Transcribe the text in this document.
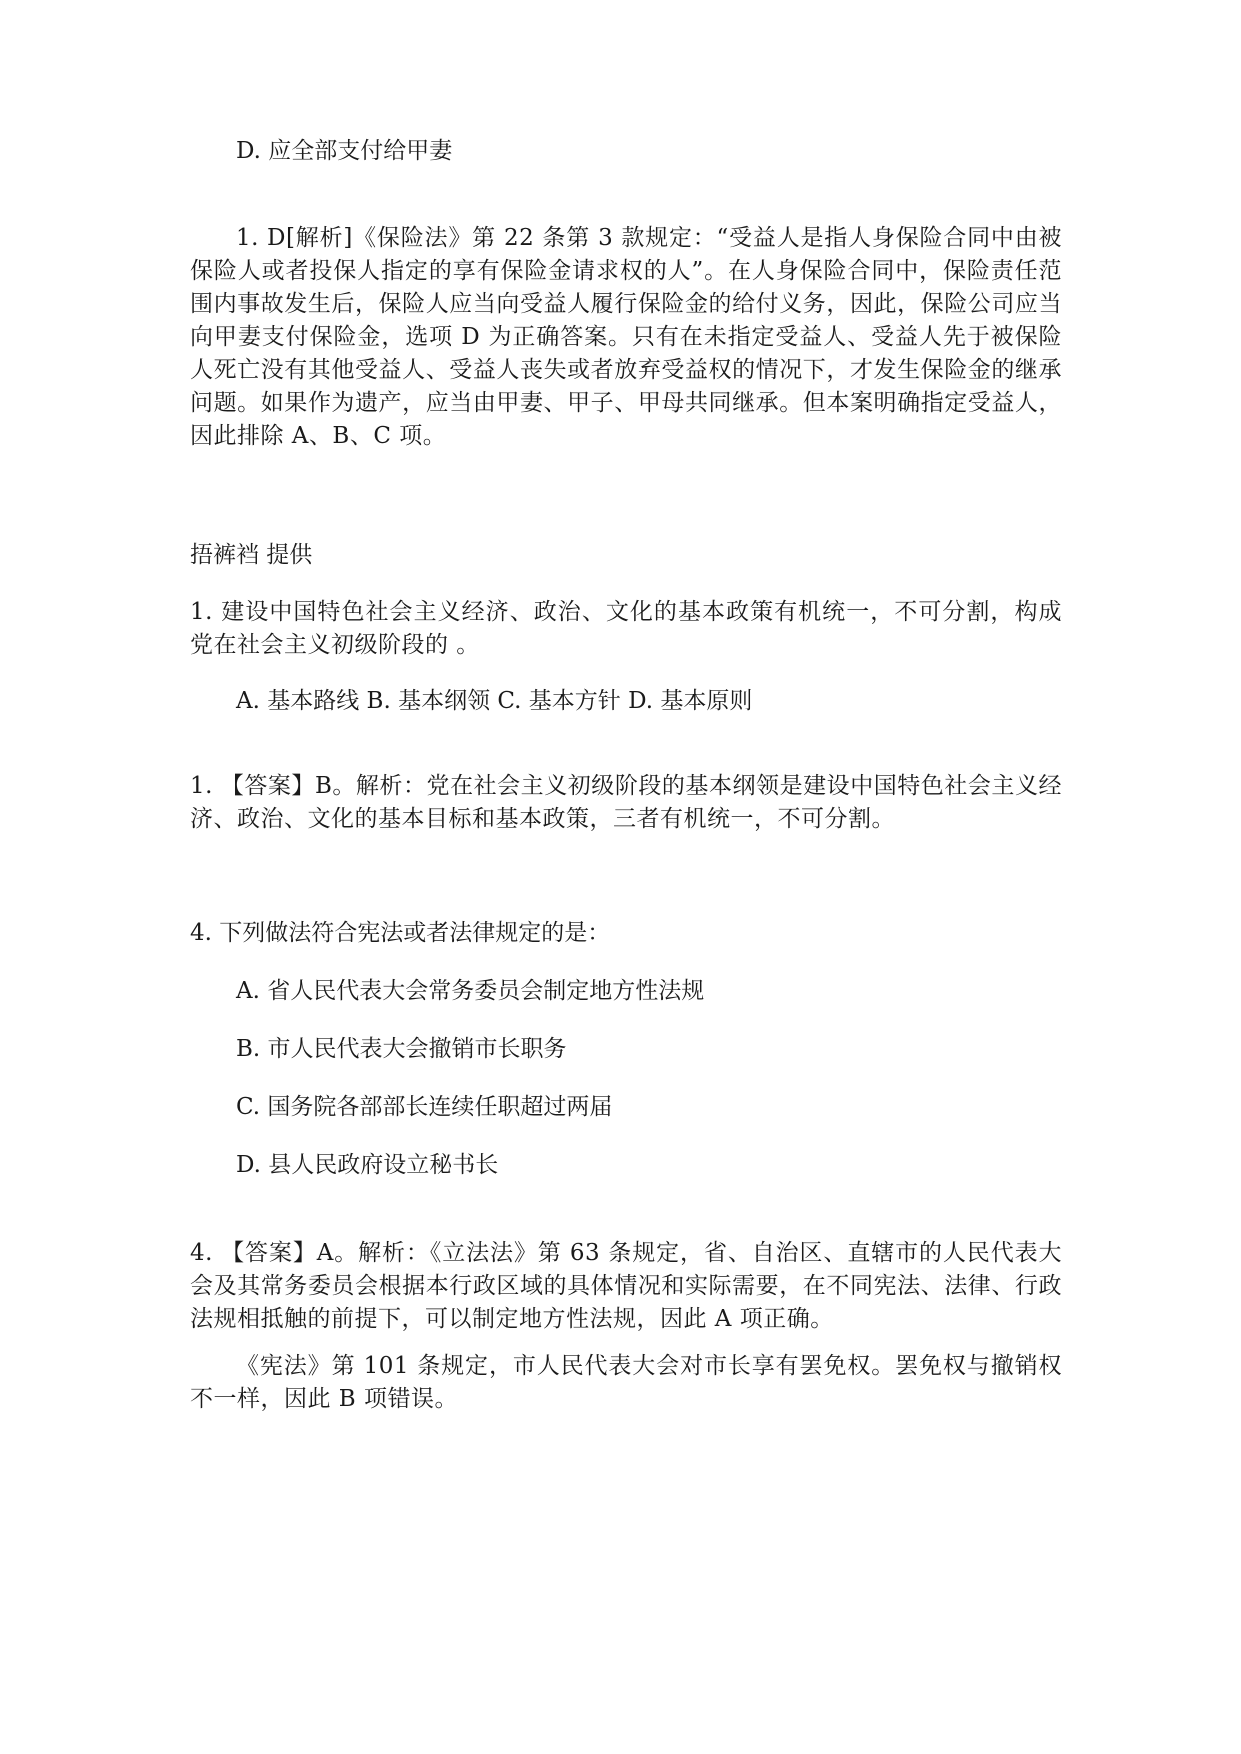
D. 应全部支付给甲妻
1. D[解析]《保险法》第 22 条第 3 款规定：“受益人是指人身保险合同中由被保险人或者投保人指定的享有保险金请求权的人”。在人身保险合同中，保险责任范围内事故发生后，保险人应当向受益人履行保险金的给付义务，因此，保险公司应当向甲妻支付保险金，选项 D 为正确答案。只有在未指定受益人、受益人先于被保险人死亡没有其他受益人、受益人丧失或者放弃受益权的情况下，才发生保险金的继承问题。如果作为遗产，应当由甲妻、甲子、甲母共同继承。但本案明确指定受益人，因此排除 A、B、C 项。
捂裤裆 提供
1. 建设中国特色社会主义经济、政治、文化的基本政策有机统一，不可分割，构成党在社会主义初级阶段的 。
A. 基本路线 B. 基本纲领 C. 基本方针 D. 基本原则
1. 【答案】B。解析：党在社会主义初级阶段的基本纲领是建设中国特色社会主义经济、政治、文化的基本目标和基本政策，三者有机统一，不可分割。
4. 下列做法符合宪法或者法律规定的是：
A. 省人民代表大会常务委员会制定地方性法规
B. 市人民代表大会撤销市长职务
C. 国务院各部部长连续任职超过两届
D. 县人民政府设立秘书长
4. 【答案】A。解析：《立法法》第 63 条规定，省、自治区、直辖市的人民代表大会及其常务委员会根据本行政区域的具体情况和实际需要，在不同宪法、法律、行政法规相抵触的前提下，可以制定地方性法规，因此 A 项正确。
《宪法》第 101 条规定，市人民代表大会对市长享有罢免权。罢免权与撤销权不一样，因此 B 项错误。
